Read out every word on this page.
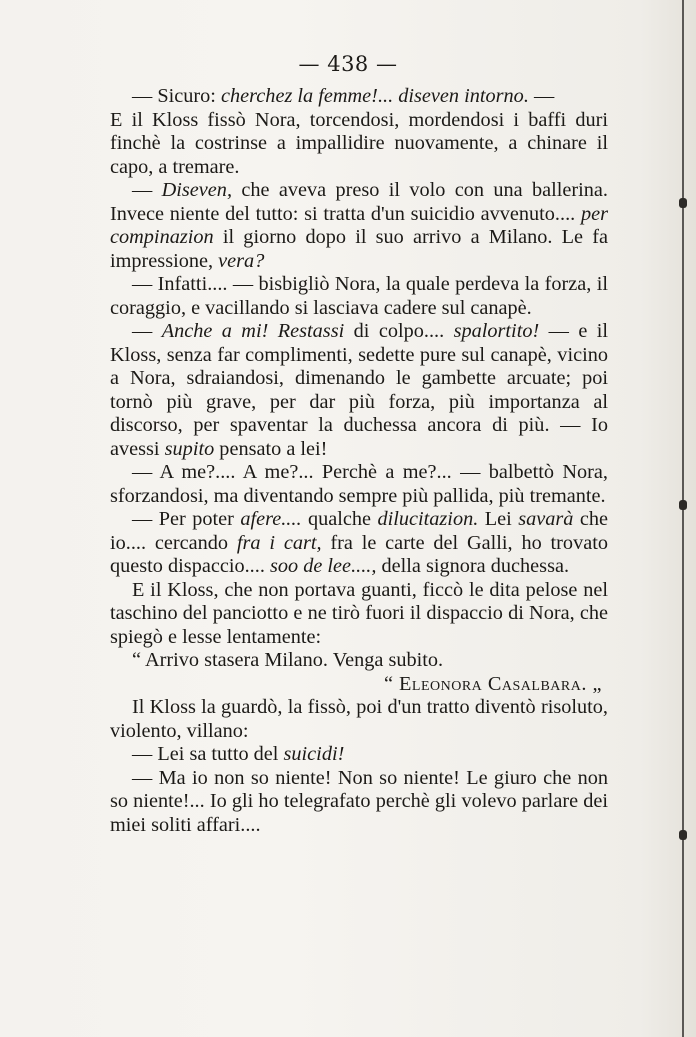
— 438 —

— Sicuro: cherchez la femme!... diseven intorno. —

E il Kloss fissò Nora, torcendosi, mordendosi i baffi duri finchè la costrinse a impallidire nuovamente, a chinare il capo, a tremare.

— Diseven, che aveva preso il volo con una ballerina. Invece niente del tutto: si tratta d'un suicidio avvenuto.... per compinazion il giorno dopo il suo arrivo a Milano. Le fa impressione, vera?

— Infatti.... — bisbigliò Nora, la quale perdeva la forza, il coraggio, e vacillando si lasciava cadere sul canapè.

— Anche a mi! Restassi di colpo.... spalortito! — e il Kloss, senza far complimenti, sedette pure sul canapè, vicino a Nora, sdraiandosi, dimenando le gambette arcuate; poi tornò più grave, per dar più forza, più importanza al discorso, per spaventar la duchessa ancora di più. — Io avessi supito pensato a lei!

— A me?.... A me?... Perchè a me?... — balbettò Nora, sforzandosi, ma diventando sempre più pallida, più tremante.

— Per poter afere.... qualche dilucitazion. Lei savarà che io.... cercando fra i cart, fra le carte del Galli, ho trovato questo dispaccio.... soo de lee...., della signora duchessa.

E il Kloss, che non portava guanti, ficcò le dita pelose nel taschino del panciotto e ne tirò fuori il dispaccio di Nora, che spiegò e lesse lentamente:

“ Arrivo stasera Milano. Venga subito.

“ Eleonora Casalbara. „

Il Kloss la guardò, la fissò, poi d'un tratto diventò risoluto, violento, villano:

— Lei sa tutto del suicidi!

— Ma io non so niente! Non so niente! Le giuro che non so niente!... Io gli ho telegrafato perchè gli volevo parlare dei miei soliti affari....
